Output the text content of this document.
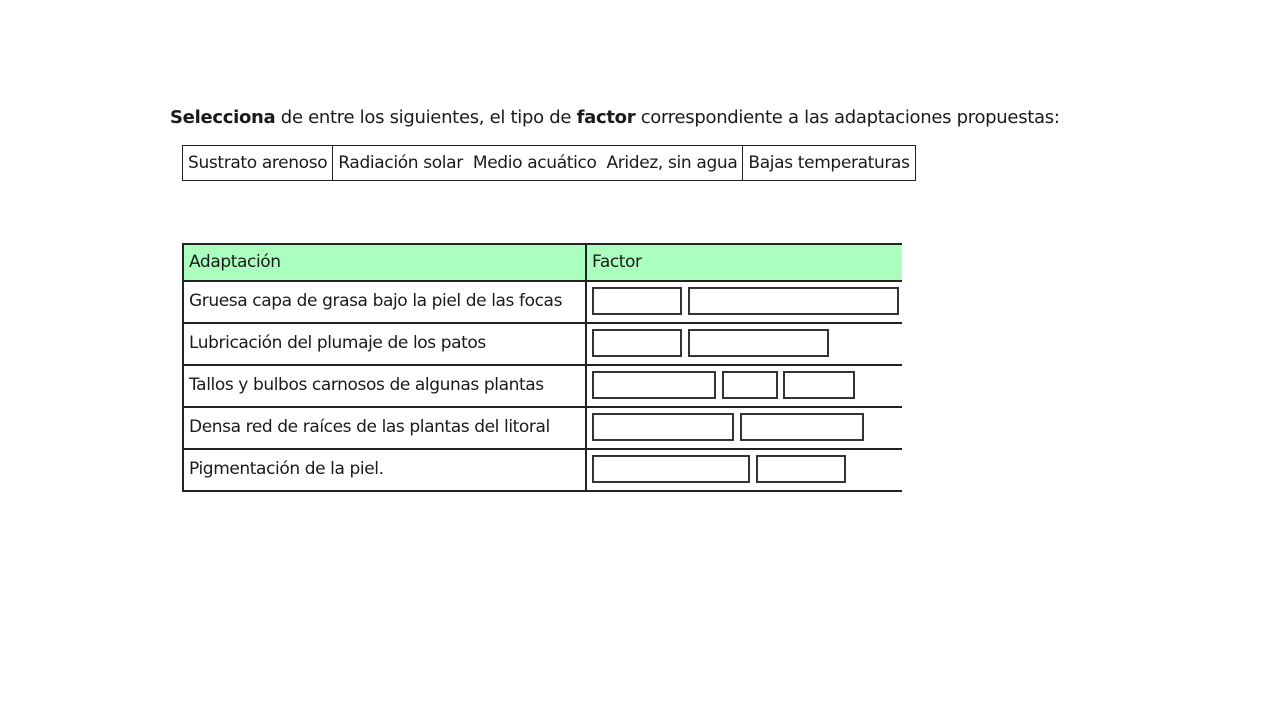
Selecciona de entre los siguientes, el tipo de factor correspondiente a las adaptaciones propuestas:
Sustrato arenoso Radiación solar Medio acuático Aridez, sin agua Bajas temperaturas
Adaptación	Factor
Gruesa capa de grasa bajo la piel de las focas
Lubricación del plumaje de los patos
Tallos y bulbos carnosos de algunas plantas
Densa red de raíces de las plantas del litoral
Pigmentación de la piel.
